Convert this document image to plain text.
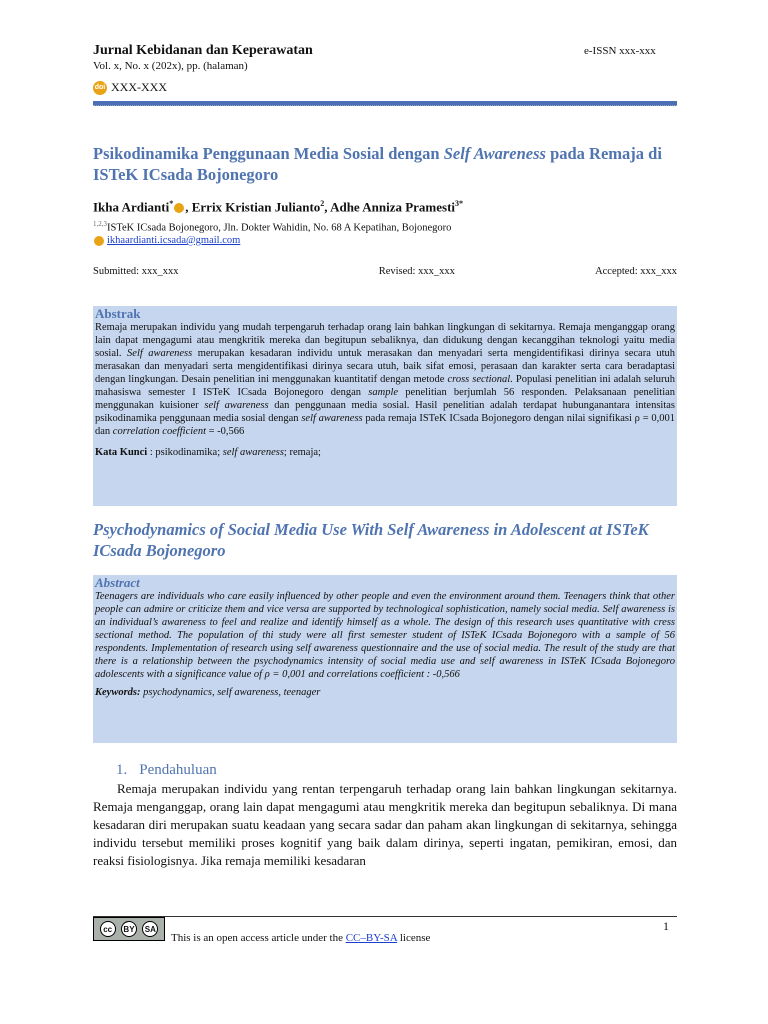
Jurnal Kebidanan dan Keperawatan	e-ISSN xxx-xxx
Vol. x, No. x (202x), pp. (halaman)
doi XXX-XXX
Psikodinamika Penggunaan Media Sosial dengan Self Awareness pada Remaja di ISTeK ICsada Bojonegoro
Ikha Ardianti* , Errix Kristian Julianto$^2$, Adhe Anniza Pramesti$^{3*}$
$^{1,2,3}$ISTeK ICsada Bojonegoro, Jln. Dokter Wahidin, No. 68 A Kepatihan, Bojonegoro
ikhaardianti.icsada@gmail.com
Submitted: xxx_xxx	Revised: xxx_xxx	Accepted: xxx_xxx
Abstrak
Remaja merupakan individu yang mudah terpengaruh terhadap orang lain bahkan lingkungan di sekitarnya. Remaja menganggap orang lain dapat mengagumi atau mengkritik mereka dan begitupun sebaliknya, dan didukung dengan kecanggihan teknologi yaitu media sosial. Self awareness merupakan kesadaran individu untuk merasakan dan menyadari serta mengidentifikasi dirinya secara utuh merasakan dan menyadari serta mengidentifikasi dirinya secara utuh, baik sifat emosi, perasaan dan karakter serta cara beradaptasi dengan lingkungan. Desain penelitian ini menggunakan kuantitatif dengan metode cross sectional. Populasi penelitian ini adalah seluruh mahasiswa semester I ISTeK ICsada Bojonegoro dengan sample penelitian berjumlah 56 responden. Pelaksanaan penelitian menggunakan kuisioner self awareness dan penggunaan media sosial. Hasil penelitian adalah terdapat hubunganantara intensitas psikodinamika penggunaan media sosial dengan self awareness pada remaja ISTeK ICsada Bojonegoro dengan nilai signifikasi ρ = 0,001 dan correlation coefficient = -0,566
Kata Kunci : psikodinamika; self awareness; remaja;
Psychodynamics of Social Media Use With Self Awareness in Adolescent at ISTeK ICsada Bojonegoro
Abstract
Teenagers are individuals who care easily influenced by other people and even the environment around them. Teenagers think that other people can admire or criticize them and vice versa are supported by technological sophistication, namely social media. Self awareness is an individual’s awareness to feel and realize and identify himself as a whole. The design of this research uses quantitative with cress sectional method. The population of thi study were all first semester student of ISTeK ICsada Bojonegoro with a sample of 56 respondents. Implementation of research using self awareness questionnaire and the use of social media. The result of the study are that there is a relationship between the psychodynamics intensity of social media use and self awareness in ISTeK ICsada Bojonegoro adolescents with a significance value of ρ = 0,001 and correlations coefficient : -0,566
Keywords: psychodynamics, self awareness, teenager
1. Pendahuluan
Remaja merupakan individu yang rentan terpengaruh terhadap orang lain bahkan lingkungan sekitarnya. Remaja menganggap, orang lain dapat mengagumi atau mengkritik mereka dan begitupun sebaliknya. Di mana kesadaran diri merupakan suatu keadaan yang secara sadar dan paham akan lingkungan di sekitarnya, sehingga individu tersebut memiliki proses kognitif yang baik dalam dirinya, seperti ingatan, pemikiran, emosi, dan reaksi fisiologisnya. Jika remaja memiliki kesadaran
1
cc	BY	SA
This is an open access article under the CC–BY-SA license
